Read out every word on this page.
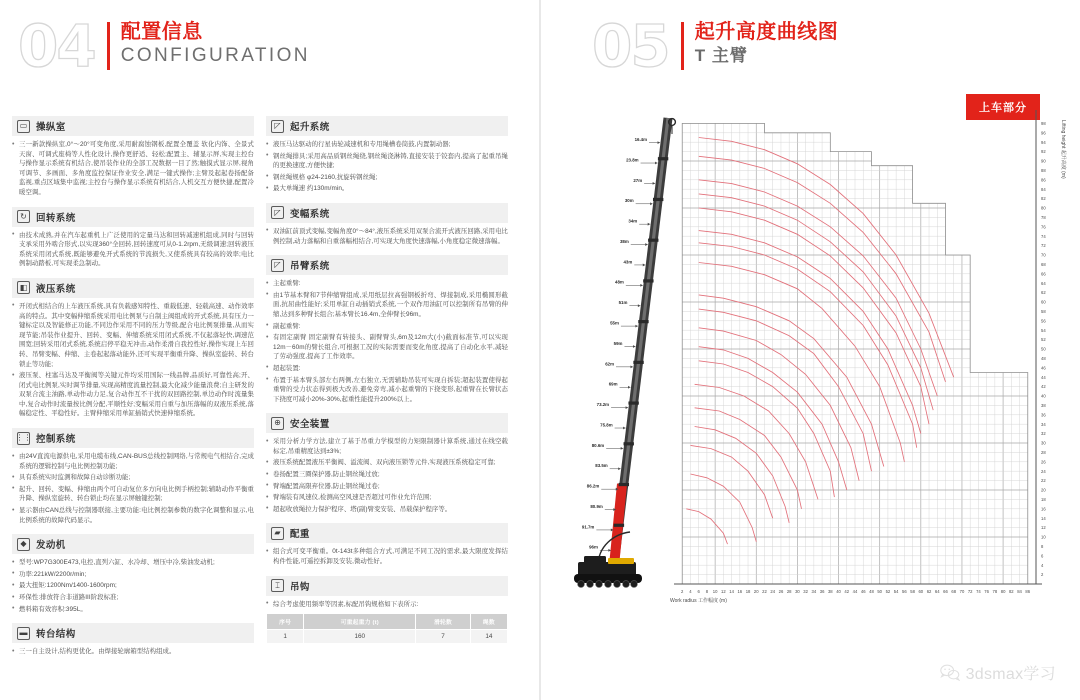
04 配置信息
CONFIGURATION
上车部分
▭ 操纵室
• 三一新款操纵室,0°～20°可变角度,采用耐腐蚀钢板,配置全覆盖 软化内饰、全景式天窗、可调式座椅等人性化设计,操作更舒适、轻松;配置主、辅显示屏,实现主控台与操作显示系统有机结合,使吊装作业的全部工况数据一目了然;触摸式显示屏,视角可调节、多画面、多角度监控保证作业安全,满足一键式操作;主臂及起起卷扬配备监视,重点区域集中监视;主控台与操作显示系统有机结合,人机交互方便快捷,配置冷暖空调。
↻ 回转系统
• 由技术成熟,并在汽车起重机上广泛使用的定量马达和回转减速机组成,同时与回转支承采用外啮合形式,以实现360°全回转,回转速度可从0-1.2rpm,无级调速;回转液压系统采用闭式系统,既能够避免开式系统的节流损失,又使系统具有较高的效率;电比例制动踏板,可实现柔急制动。
◧ 液压系统
• 开闭式相结合的上车液压系统,具有负载感知特性、重载低速、轻载高速、动作效率高的特点。其中变幅伸缩系统采用电比例泵与自制主阀组成的开式系统,具有压力一键标定以及智能修正功能,不同边作采用不同的压力等级,配合电比例泵排量,从而实现节能;吊装作业提升、回转、变幅、伸缩系统采用闭式系统,不仅起落轻快,调速范围宽;回转采用闭式系统,系统启停平稳无冲击,动作柔滑自我控性好,操作实现上车回转、吊臂变幅、伸缩、主卷起起落动能外,还可实现平衡重升降、操纵室旋转、转台锁止等功能;
• 液压泵、柱塞马达及平衡阀等关键元件均采用国际一线品牌,品质好,可靠性高;开、闭式电比例泵,实时调节排量,实现高精度流量控制,最大化减少能量浪费;自主研发的双泵合流主油路,单动作动力足,复合动作互不干扰的双回路控制,单边动作时流量集中,复合动作时流量按比例分配,平顺性好;变幅采用自重与加压落幅的双液压系统,落幅稳定性、平稳性好。主臂伸缩采用单缸插销式快速伸缩系统。
⋮⋮ 控制系统
• 由24V直流电源供电,采用电缆布线,CAN-BUS总线控制网络,与常规电气相结合,完成系统的逻辑控制与电比例控制功能;
• 具有系统实时监测和故障自动诊断功能;
• 起升、回转、变幅、伸缩由两个可自动复位多方向电比例手柄控制;辅助动作平衡重升降、操纵室旋转、转台锁止均在显示屏触键控制;
• 显示器由CAN总线与控制器联接,主要功能:电比例控制参数的数字化调整和显示,电比例系统的故障代码显示。
◆ 发动机
• 型号:WP7G300E473,电控,直列六缸、水冷却、增压中冷,柴油发动机;
• 功率:221kW/2200r/min;
• 最大扭矩:1200Nm/1400-1600rpm;
• 环保性:排放符合非道路III阶段标准;
• 燃料箱有效容积:395L。
▬ 转台结构
• 三一自主设计,结构更优化。由焊接轮廓箱型结构组成。
◸ 起升系统
• 液压马达驱动的行星齿轮减速机和专用绳槽卷筒鼓,内置制动器;
• 钢丝绳排具;采用高品质钢丝绳绕,钢丝绳浇淋铸,直接安装于铰套内,提高了起重吊绳的更换速度,方便快捷;
• 钢丝绳规格 φ24-2160,抗旋转钢丝绳;
• 最大单绳速 约130m/min。
◸ 变幅系统
• 双油缸前顶式变幅,变幅角度0°～84°,液压系统采用双泵合流开式液压回路,采用电比例控制,动力落幅和自重落幅相结合,可实现大角度快速落幅,小角度稳定微速落幅。
◸ 吊臂系统
• 主起重臂:
• 由1节基本臂和7节伸缩臂组成,采用纸层拉高强钢板折弯、焊接制成,采用椭圆形截面,抗屈曲性能好;采用单缸自动插销式系统,一个双作用油缸可以控制所有吊臂的伸缩,达到多种臂长组合;基本臂长16.4m,全伸臂长96m。
• 副起重臂:
• 有固定副臂 固定副臂有转接头、副臂臂头,6m及12m大(小)截面标准节,可以实现12m－60m的臂长组合,可根据工况的实际需要而变化角度,提高了自动化水平,减轻了劳动强度,提高了工作效率。
• 超起装置:
• 布置于基本臂头部左右两侧,左右独立,无需辅助吊装可实现自拆装;超起装置使得起重臂的受力状态得到极大改善,避免旁弯,减小起重臂的下挠变形,起重臂在长臂状态下挠度可减小20%-30%,起重性能提升200%以上。
⊕ 安全装置
• 采用分析力学方法,建立了基于吊重力学模型的力矩限制器计算系统,通过在线空载标定,吊重精度达到±3%;
• 液压系统配置液压平衡阀、溢流阀、双向液压锁等元件,实现液压系统稳定可靠;
• 卷扬配置三圈保护器,防止钢丝绳过放;
• 臂端配置高限弃位器,防止钢丝绳过卷;
• 臂端装有风速仪,检测高空风速是否超过可作业允许范围;
• 超起收放绳拉力保护程序、塔(副)臂变安装、吊载保护程序等。
▰ 配重
• 组合式可变平衡重。0t-143t多种组合方式,可满足不同工况的需求,最大限度发挥结构件性能,可遥控拆卸及安装,微动性好。
⌶	吊钩
• 综合考虑使用频率等因素,标配吊钩规格如下表所示:
序号	可重起重力 (t)	滑轮数	绳数
1	160	7	14
05 起升高度曲线图
T 主臂
2 4 6 8 10 12 14 16 18 20 22 24 26 28 30 32 34 36 38 40 42 44 46 48 50 52 54 56 58 60 62 64 66 68 70 72 74 76 78 80 82 84 86
Work radius 工作幅度 (m)
2
4
6
8
10
12
14
16
18
20
22
24
26
28
30
32
34
36
38
40
42
44
46
48
50
52
54
56
58
60
62
64
66
68
70
72
74
76
78
80
82
84
86
88
90
92
94
96
98	Lifting height 起升高度 (m)
96m
91.7m
80.9m
86.2m
83.5m
80.6m
75.8m
73.2m
69m
62m
59m
55m
51m
48m
43m
38m
34m
30m
27m
23.8m
16.4m
3dsmax学习
